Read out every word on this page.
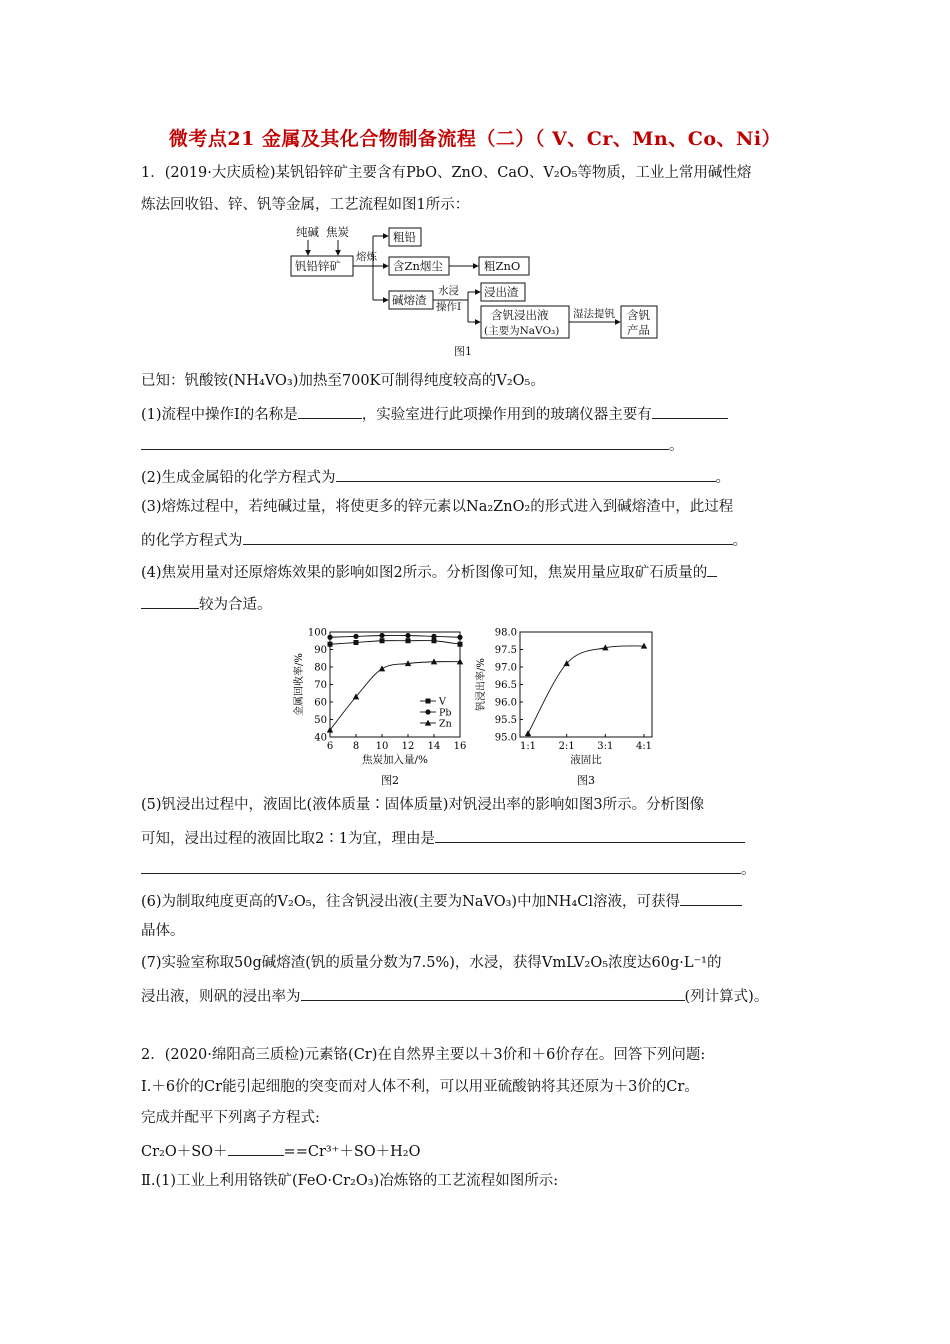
微考点21 金属及其化合物制备流程（二）（ V、Cr、Mn、Co、Ni）
1．(2019·大庆质检)某钒铅锌矿主要含有PbO、ZnO、CaO、V₂O₅等物质，工业上常用碱性熔
炼法回收铅、锌、钒等金属，工艺流程如图1所示：
纯碱 焦炭
钒铅锌矿
熔炼
粗铅
含Zn烟尘	粗ZnO
碱熔渣
水浸
操作Ⅰ
浸出渣
含钒浸出液
(主要为NaVO₃)
湿法提钒 含钒
产品
图1
已知：钒酸铵(NH₄VO₃)加热至700K可制得纯度较高的V₂O₅。
(1)流程中操作Ⅰ的名称是	，实验室进行此项操作用到的玻璃仪器主要有
。
(2)生成金属铅的化学方程式为	。
(3)熔炼过程中，若纯碱过量，将使更多的锌元素以Na₂ZnO₂的形式进入到碱熔渣中，此过程
的化学方程式为	。
(4)焦炭用量对还原熔炼效果的影响如图2所示。分析图像可知，焦炭用量应取矿石质量的
较为合适。
40
50
60
70
80
90
100
6 8 10 12 14 16
焦炭加入量/%
金属回收率/%	V
Pb
Zn
图2
95.0
95.5
96.0
96.5
97.0
97.5
98.0
1:1 2:1 3:1 4:1
液固比
钒浸出率/%
图3
(5)钒浸出过程中，液固比(液体质量∶固体质量)对钒浸出率的影响如图3所示。分析图像
可知，浸出过程的液固比取2∶1为宜，理由是
。
(6)为制取纯度更高的V₂O₅，往含钒浸出液(主要为NaVO₃)中加NH₄Cl溶液，可获得
晶体。
(7)实验室称取50g碱熔渣(钒的质量分数为7.5%)，水浸，获得VmLV₂O₅浓度达60g·L⁻¹的
浸出液，则矾的浸出率为	(列计算式)。
2．(2020·绵阳高三质检)元素铬(Cr)在自然界主要以＋3价和＋6价存在。回答下列问题:
Ⅰ.＋6价的Cr能引起细胞的突变而对人体不利，可以用亚硫酸钠将其还原为＋3价的Cr。
完成并配平下列离子方程式:
Cr₂O＋SO＋	==Cr³⁺＋SO＋H₂O
Ⅱ.(1)工业上利用铬铁矿(FeO·Cr₂O₃)冶炼铬的工艺流程如图所示:
